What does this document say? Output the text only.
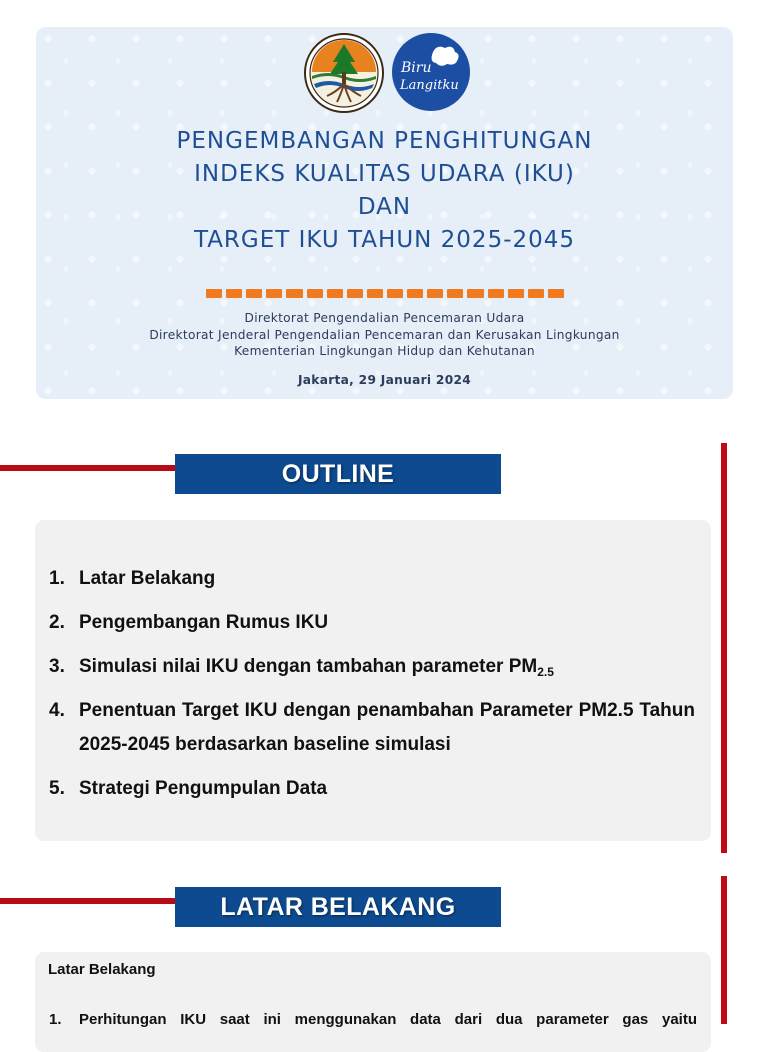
Biru
Langitku
PENGEMBANGAN PENGHITUNGAN
INDEKS KUALITAS UDARA (IKU)
DAN
TARGET IKU TAHUN 2025-2045
Direktorat Pengendalian Pencemaran Udara
Direktorat Jenderal Pengendalian Pencemaran dan Kerusakan Lingkungan
Kementerian Lingkungan Hidup dan Kehutanan
Jakarta, 29 Januari 2024
OUTLINE
1. Latar Belakang
2. Pengembangan Rumus IKU
3. Simulasi nilai IKU dengan tambahan parameter $PM_{2.5}$
4. Penentuan Target IKU dengan penambahan Parameter PM2.5 Tahun 2025-2045 berdasarkan baseline simulasi
5. Strategi Pengumpulan Data
LATAR BELAKANG
Latar Belakang
1.	Perhitungan IKU saat ini menggunakan data dari dua parameter gas yaitu
